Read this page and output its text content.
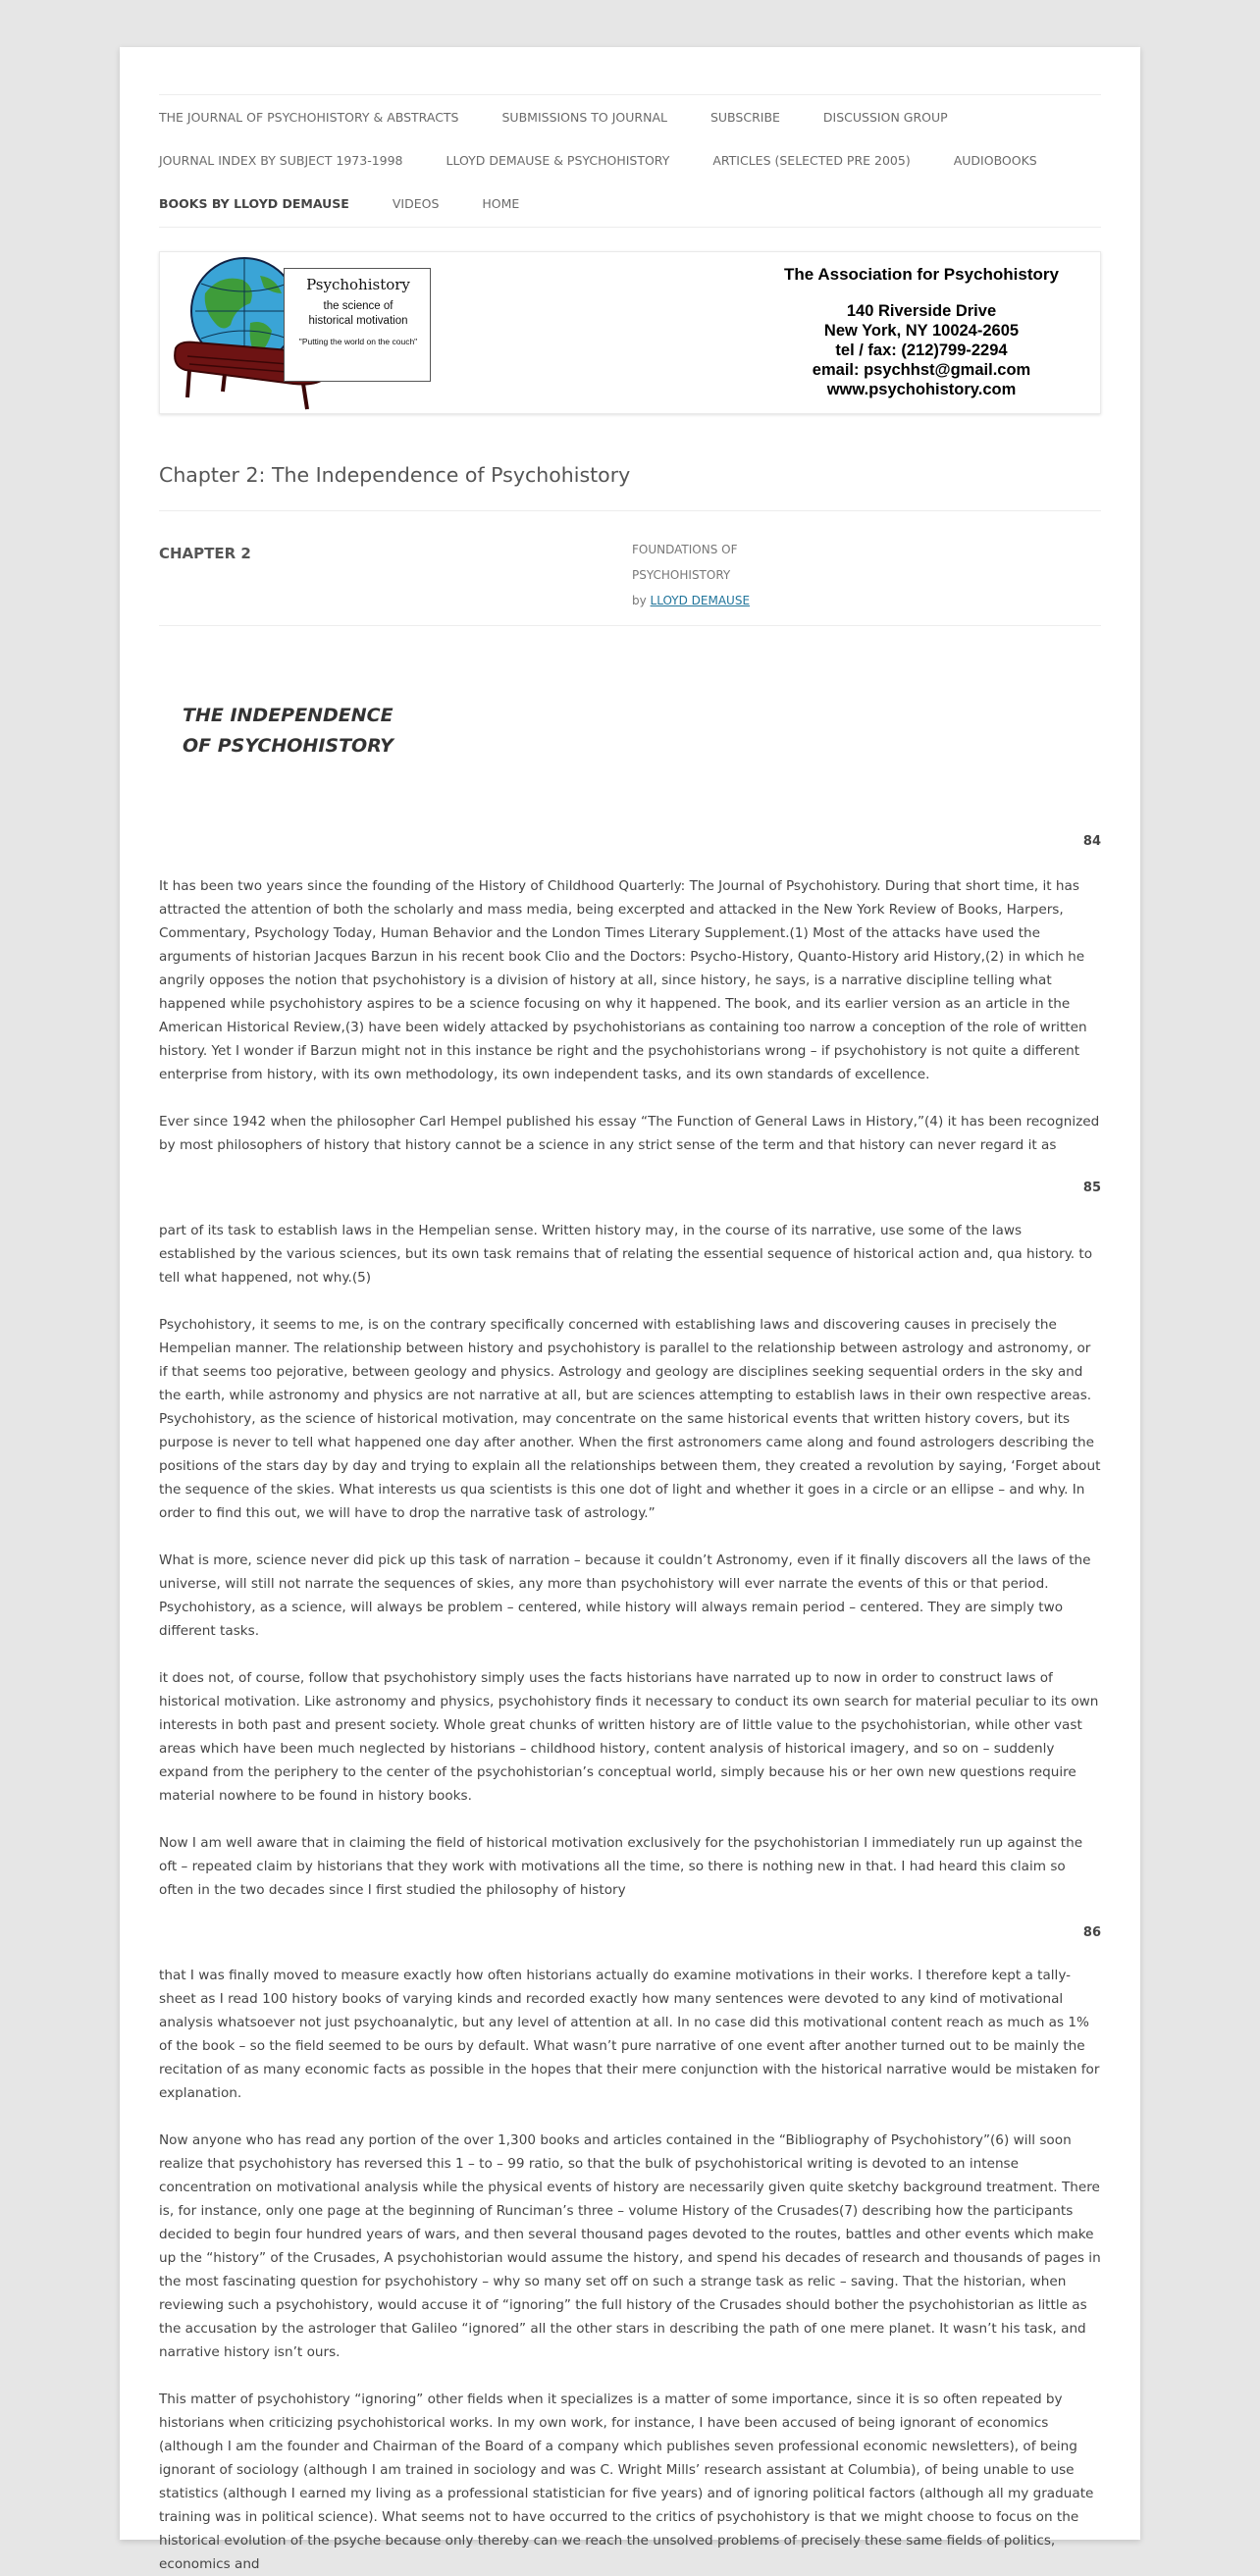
THE JOURNAL OF PSYCHOHISTORY & ABSTRACTS	SUBMISSIONS TO JOURNAL	SUBSCRIBE	DISCUSSION GROUP
JOURNAL INDEX BY SUBJECT 1973-1998	LLOYD DEMAUSE & PSYCHOHISTORY	ARTICLES (SELECTED PRE 2005)	AUDIOBOOKS
BOOKS BY LLOYD DEMAUSE	VIDEOS	HOME
Psychohistory
the science of
historical motivation
"Putting the world on the couch"
The Association for Psychohistory
140 Riverside Drive
New York, NY 10024-2605
tel / fax: (212)799-2294
email: psychhst@gmail.com
www.psychohistory.com
Chapter 2: The Independence of Psychohistory
CHAPTER 2	FOUNDATIONS OF
PSYCHOHISTORY
by LLOYD DEMAUSE
THE INDEPENDENCE
OF PSYCHOHISTORY
84

It has been two years since the founding of the History of Childhood Quarterly: The Journal of Psychohistory. During that short time, it has attracted the attention of both the scholarly and mass media, being excerpted and attacked in the New York Review of Books, Harpers, Commentary, Psychology Today, Human Behavior and the London Times Literary Supplement.(1) Most of the attacks have used the arguments of historian Jacques Barzun in his recent book Clio and the Doctors: Psycho-History, Quanto-History arid History,(2) in which he angrily opposes the notion that psychohistory is a division of history at all, since history, he says, is a narrative discipline telling what happened while psychohistory aspires to be a science focusing on why it happened. The book, and its earlier version as an article in the American Historical Review,(3) have been widely attacked by psychohistorians as containing too narrow a conception of the role of written history. Yet I wonder if Barzun might not in this instance be right and the psychohistorians wrong – if psychohistory is not quite a different enterprise from history, with its own methodology, its own independent tasks, and its own standards of excellence.

Ever since 1942 when the philosopher Carl Hempel published his essay “The Function of General Laws in History,”(4) it has been recognized by most philosophers of history that history cannot be a science in any strict sense of the term and that history can never regard it as

85

part of its task to establish laws in the Hempelian sense. Written history may, in the course of its narrative, use some of the laws established by the various sciences, but its own task remains that of relating the essential sequence of historical action and, qua history. to tell what happened, not why.(5)

Psychohistory, it seems to me, is on the contrary specifically concerned with establishing laws and discovering causes in precisely the Hempelian manner. The relationship between history and psychohistory is parallel to the relationship between astrology and astronomy, or if that seems too pejorative, between geology and physics. Astrology and geology are disciplines seeking sequential orders in the sky and the earth, while astronomy and physics are not narrative at all, but are sciences attempting to establish laws in their own respective areas. Psychohistory, as the science of historical motivation, may concentrate on the same historical events that written history covers, but its purpose is never to tell what happened one day after another. When the first astronomers came along and found astrologers describing the positions of the stars day by day and trying to explain all the relationships between them, they created a revolution by saying, ‘Forget about the sequence of the skies. What interests us qua scientists is this one dot of light and whether it goes in a circle or an ellipse – and why. In order to find this out, we will have to drop the narrative task of astrology.”

What is more, science never did pick up this task of narration – because it couldn’t Astronomy, even if it finally discovers all the laws of the universe, will still not narrate the sequences of skies, any more than psychohistory will ever narrate the events of this or that period. Psychohistory, as a science, will always be problem – centered, while history will always remain period – centered. They are simply two different tasks.

it does not, of course, follow that psychohistory simply uses the facts historians have narrated up to now in order to construct laws of historical motivation. Like astronomy and physics, psychohistory finds it necessary to conduct its own search for material peculiar to its own interests in both past and present society. Whole great chunks of written history are of little value to the psychohistorian, while other vast areas which have been much neglected by historians – childhood history, content analysis of historical imagery, and so on – suddenly expand from the periphery to the center of the psychohistorian’s conceptual world, simply because his or her own new questions require material nowhere to be found in history books.

Now I am well aware that in claiming the field of historical motivation exclusively for the psychohistorian I immediately run up against the oft – repeated claim by historians that they work with motivations all the time, so there is nothing new in that. I had heard this claim so often in the two decades since I first studied the philosophy of history

86

that I was finally moved to measure exactly how often historians actually do examine motivations in their works. I therefore kept a tally-sheet as I read 100 history books of varying kinds and recorded exactly how many sentences were devoted to any kind of motivational analysis whatsoever not just psychoanalytic, but any level of attention at all. In no case did this motivational content reach as much as 1% of the book – so the field seemed to be ours by default. What wasn’t pure narrative of one event after another turned out to be mainly the recitation of as many economic facts as possible in the hopes that their mere conjunction with the historical narrative would be mistaken for explanation.

Now anyone who has read any portion of the over 1,300 books and articles contained in the “Bibliography of Psychohistory”(6) will soon realize that psychohistory has reversed this 1 – to – 99 ratio, so that the bulk of psychohistorical writing is devoted to an intense concentration on motivational analysis while the physical events of history are necessarily given quite sketchy background treatment. There is, for instance, only one page at the beginning of Runciman’s three – volume History of the Crusades(7) describing how the participants decided to begin four hundred years of wars, and then several thousand pages devoted to the routes, battles and other events which make up the “history” of the Crusades, A psychohistorian would assume the history, and spend his decades of research and thousands of pages in the most fascinating question for psychohistory – why so many set off on such a strange task as relic – saving. That the historian, when reviewing such a psychohistory, would accuse it of “ignoring” the full history of the Crusades should bother the psychohistorian as little as the accusation by the astrologer that Galileo “ignored” all the other stars in describing the path of one mere planet. It wasn’t his task, and narrative history isn’t ours.

This matter of psychohistory “ignoring” other fields when it specializes is a matter of some importance, since it is so often repeated by historians when criticizing psychohistorical works. In my own work, for instance, I have been accused of being ignorant of economics (although I am the founder and Chairman of the Board of a company which publishes seven professional economic newsletters), of being ignorant of sociology (although I am trained in sociology and was C. Wright Mills’ research assistant at Columbia), of being unable to use statistics (although I earned my living as a professional statistician for five years) and of ignoring political factors (although all my graduate training was in political science). What seems not to have occurred to the critics of psychohistory is that we might choose to focus on the historical evolution of the psyche because only thereby can we reach the unsolved problems of precisely these same fields of politics, economics and
